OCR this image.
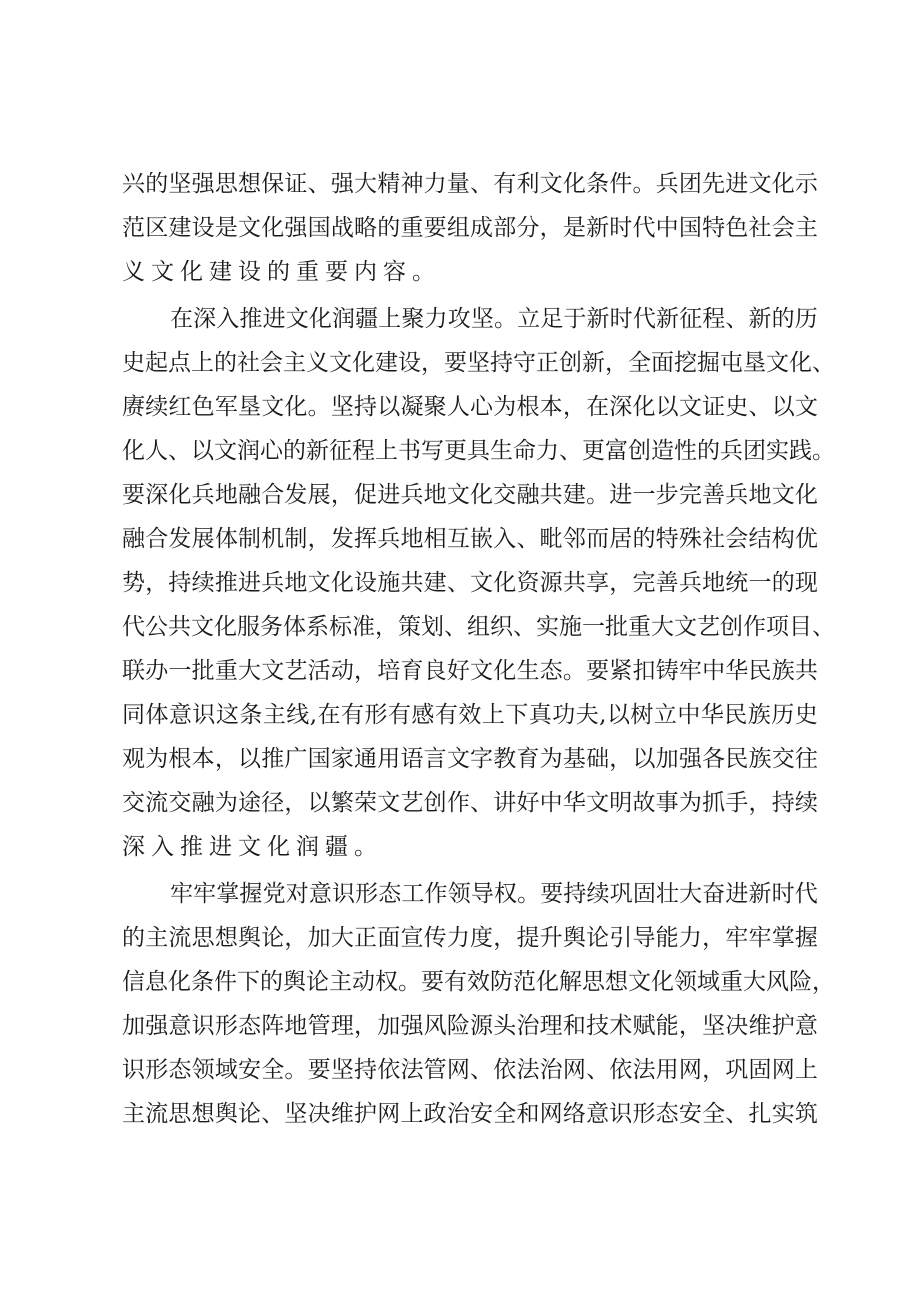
兴 的 坚 强 思 想 保 证 、 强 大 精 神 力 量 、 有 利 文 化 条 件 。 兵 团 先 进 文 化 示
范 区 建 设 是 文 化 强 国 战 略 的 重 要 组 成 部 分 ， 是 新 时 代 中 国 特 色 社 会 主
义文化建设的重要内容。
在 深 入 推 进 文 化 润 疆 上 聚 力 攻 坚 。 立 足 于 新 时 代 新 征 程 、 新 的 历
史 起 点 上 的 社 会 主 义 文 化 建 设 ， 要 坚 持 守 正 创 新 ， 全 面 挖 掘 屯 垦 文 化 、
赓 续 红 色 军 垦 文 化 。 坚 持 以 凝 聚 人 心 为 根 本 ， 在 深 化 以 文 证 史 、 以 文
化 人 、 以 文 润 心 的 新 征 程 上 书 写 更 具 生 命 力 、 更 富 创 造 性 的 兵 团 实 践 。
要 深 化 兵 地 融 合 发 展 ， 促 进 兵 地 文 化 交 融 共 建 。 进 一 步 完 善 兵 地 文 化
融 合 发 展 体 制 机 制 ， 发 挥 兵 地 相 互 嵌 入 、 毗 邻 而 居 的 特 殊 社 会 结 构 优
势 ， 持 续 推 进 兵 地 文 化 设 施 共 建 、 文 化 资 源 共 享 ， 完 善 兵 地 统 一 的 现
代 公 共 文 化 服 务 体 系 标 准 ， 策 划 、 组 织 、 实 施 一 批 重 大 文 艺 创 作 项 目 、
联 办 一 批 重 大 文 艺 活 动 ， 培 育 良 好 文 化 生 态 。 要 紧 扣 铸 牢 中 华 民 族 共
同 体 意 识 这 条 主 线 , 在 有 形 有 感 有 效 上 下 真 功 夫 , 以 树 立 中 华 民 族 历 史
观 为 根 本 ， 以 推 广 国 家 通 用 语 言 文 字 教 育 为 基 础 ， 以 加 强 各 民 族 交 往
交 流 交 融 为 途 径 ， 以 繁 荣 文 艺 创 作 、 讲 好 中 华 文 明 故 事 为 抓 手 ， 持 续
深入推进文化润疆。
牢 牢 掌 握 党 对 意 识 形 态 工 作 领 导 权 。 要 持 续 巩 固 壮 大 奋 进 新 时 代
的 主 流 思 想 舆 论 ， 加 大 正 面 宣 传 力 度 ， 提 升 舆 论 引 导 能 力 ， 牢 牢 掌 握
信 息 化 条 件 下 的 舆 论 主 动 权 。 要 有 效 防 范 化 解 思 想 文 化 领 域 重 大 风 险 ，
加 强 意 识 形 态 阵 地 管 理 ， 加 强 风 险 源 头 治 理 和 技 术 赋 能 ， 坚 决 维 护 意
识 形 态 领 域 安 全 。 要 坚 持 依 法 管 网 、 依 法 治 网 、 依 法 用 网 ， 巩 固 网 上
主 流 思 想 舆 论 、 坚 决 维 护 网 上 政 治 安 全 和 网 络 意 识 形 态 安 全 、 扎 实 筑
